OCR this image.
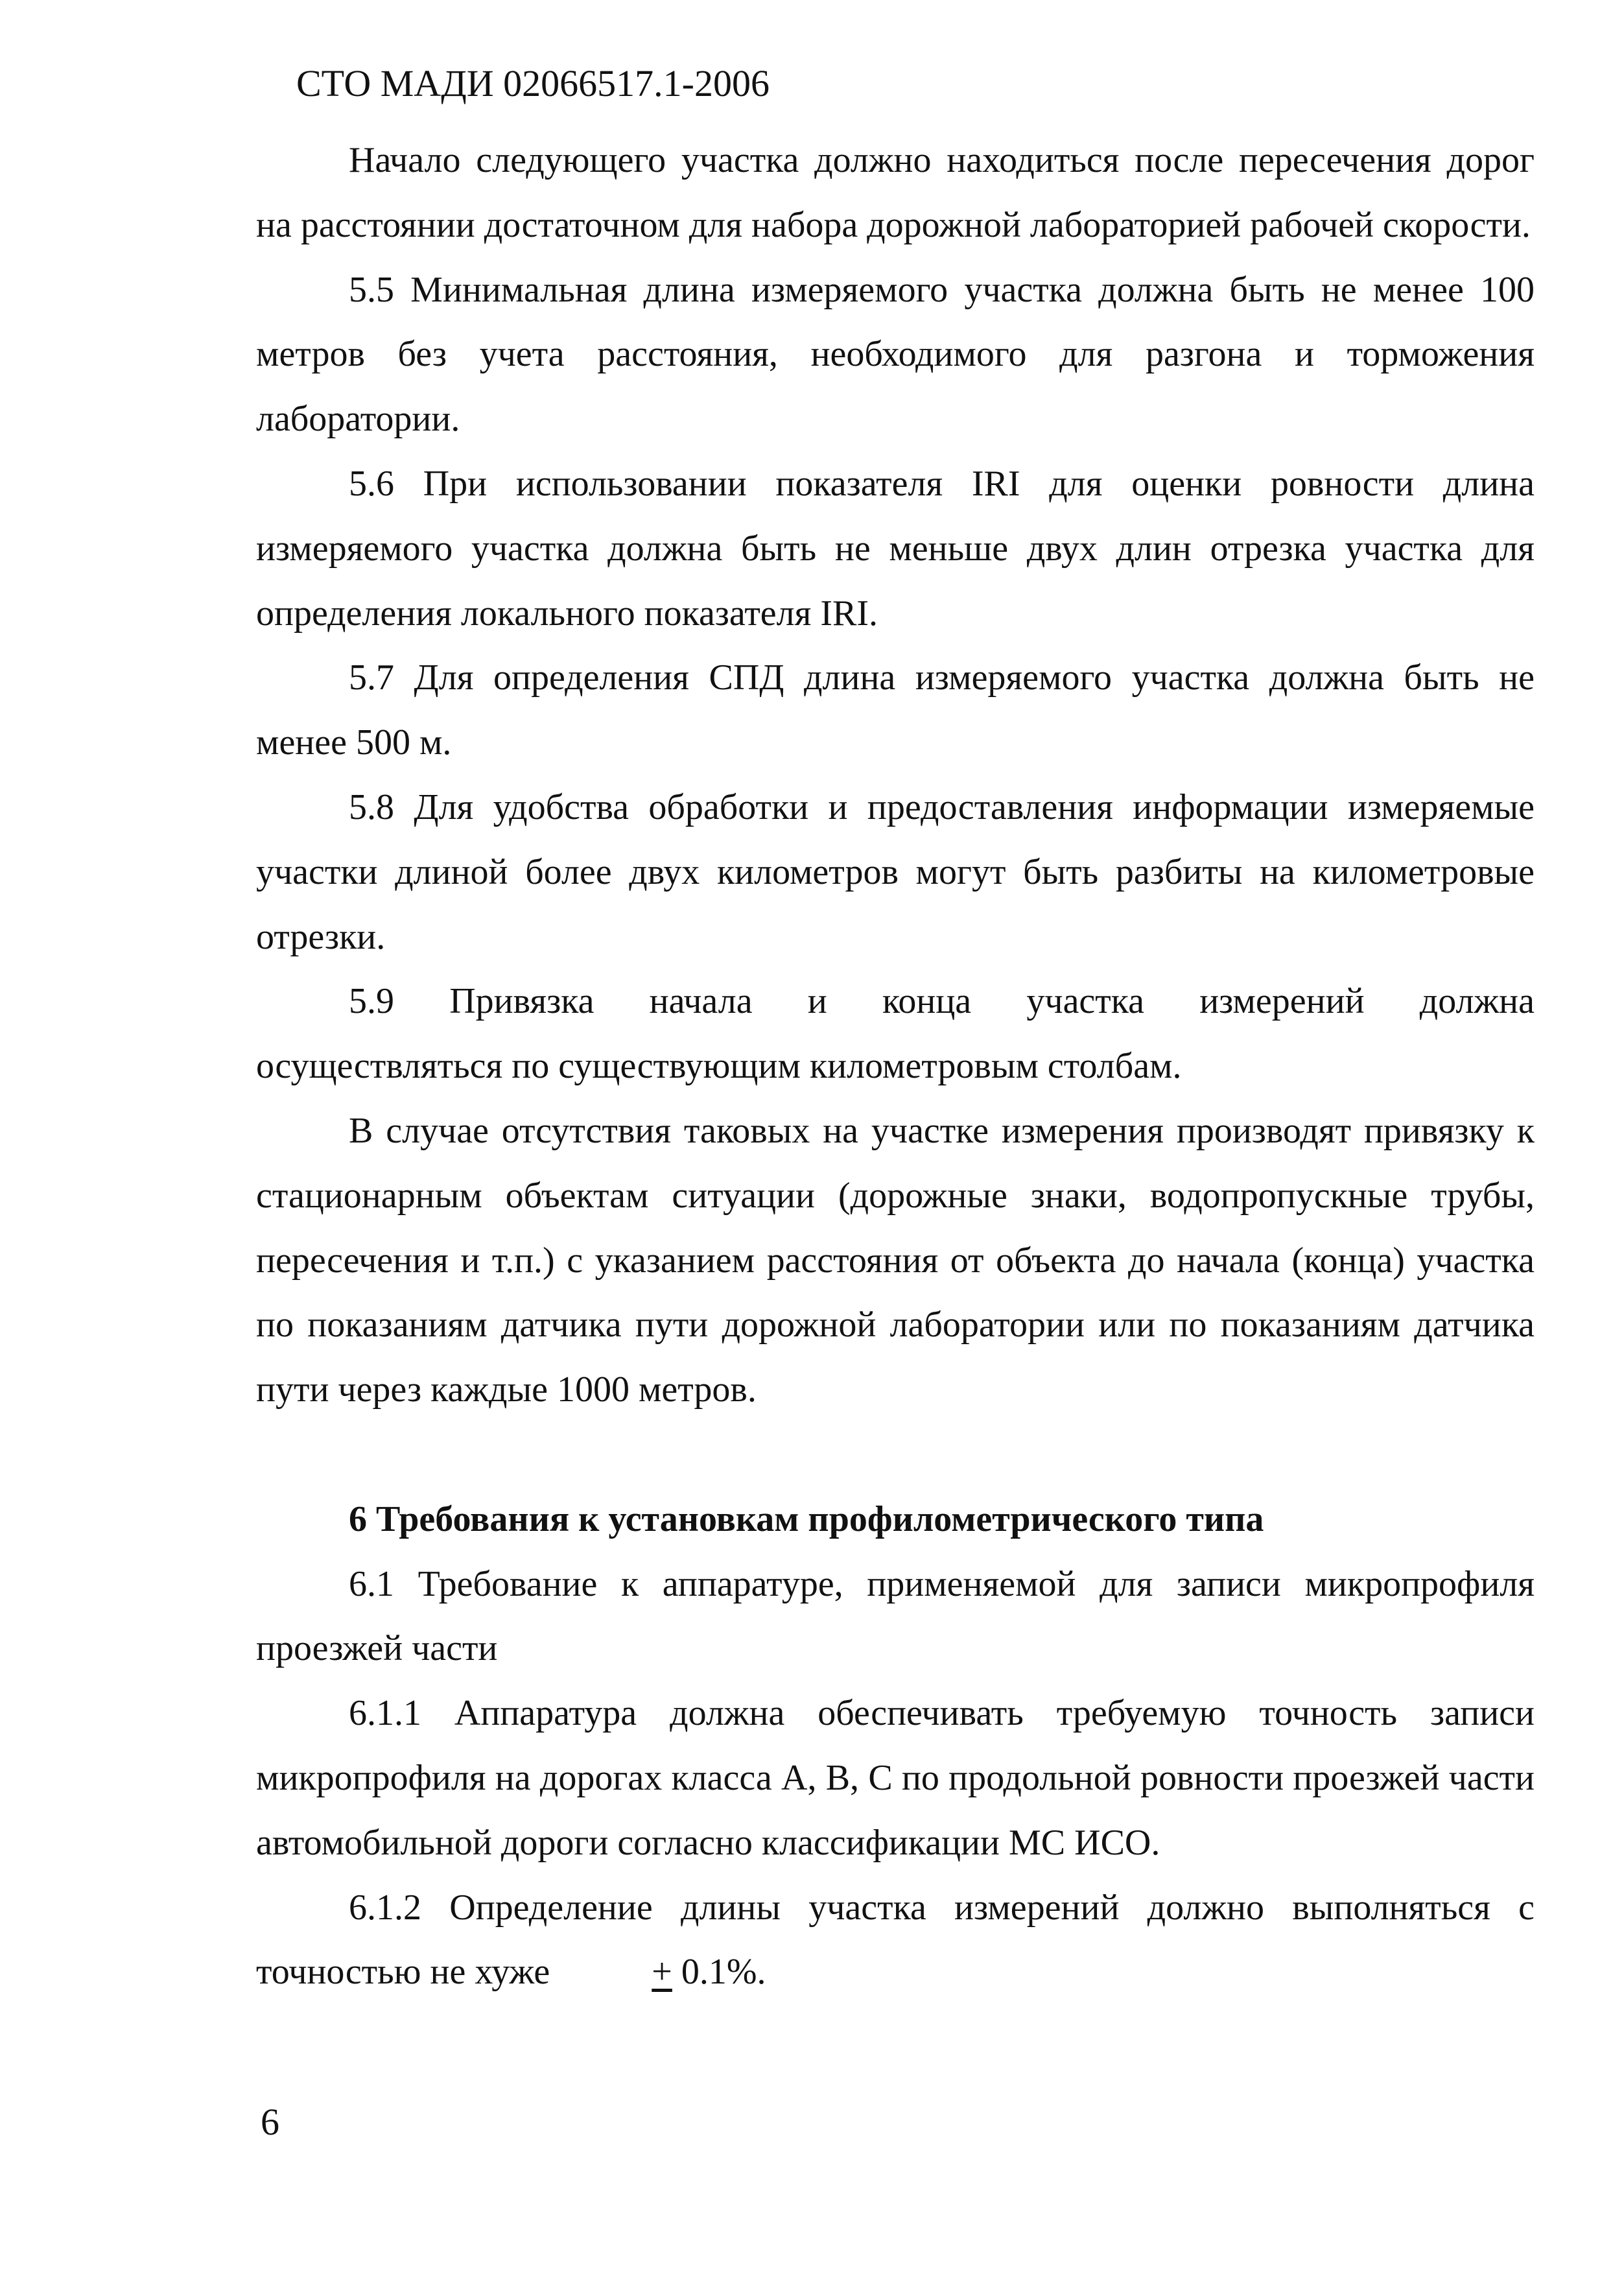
СТО МАДИ 02066517.1-2006

Начало следующего участка должно находиться после пересечения дорог на расстоянии достаточном для набора дорожной лабораторией рабочей скорости.

5.5 Минимальная длина измеряемого участка должна быть не менее 100 метров без учета расстояния, необходимого для разгона и торможения лаборатории.

5.6 При использовании показателя IRI для оценки ровности длина измеряемого участка должна быть не меньше двух длин отрезка участка для определения локального показателя IRI.

5.7 Для определения СПД длина измеряемого участка должна быть не менее 500 м.

5.8 Для удобства обработки и предоставления информации измеряемые участки длиной более двух километров могут быть разбиты на километровые отрезки.

5.9 Привязка начала и конца участка измерений должна

осуществляться по существующим километровым столбам.

В случае отсутствия таковых на участке измерения производят привязку к стационарным объектам ситуации (дорожные знаки, водопропускные трубы, пересечения и т.п.) с указанием расстояния от объекта до начала (конца) участка по показаниям датчика пути дорожной лаборатории или по показаниям датчика пути через каждые 1000 метров.

6 Требования к установкам профилометрического типа

6.1 Требование к аппаратуре, применяемой для записи микропрофиля проезжей части

6.1.1 Аппаратура должна обеспечивать требуемую точность записи микропрофиля на дорогах класса А, В, С по продольной ровности проезжей части автомобильной дороги согласно классификации МС ИСО.

6.1.2 Определение длины участка измерений должно выполняться с точностью не хуже	+ 0.1%.

6
